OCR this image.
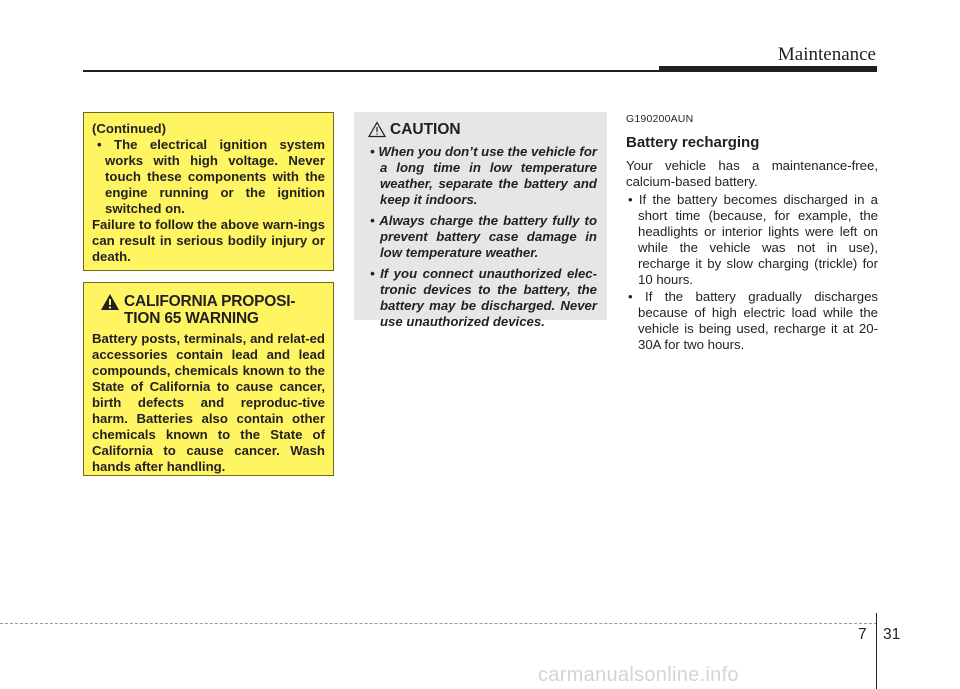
Maintenance
(Continued)
• The electrical ignition system works with high voltage. Never touch these components with the engine running or the ignition switched on.
Failure to follow the above warn-ings can result in serious bodily injury or death.
CALIFORNIA PROPOSI-
TION 65 WARNING
Battery posts, terminals, and relat-ed accessories contain lead and lead compounds, chemicals known to the State of California to cause cancer, birth defects and reproduc-tive harm. Batteries also contain other chemicals known to the State of California to cause cancer. Wash hands after handling.
CAUTION
• When you don’t use the vehicle for a long time in low temperature weather, separate the battery and keep it indoors.
• Always charge the battery fully to prevent battery case damage in low temperature weather.
• If you connect unauthorized elec-tronic devices to the battery, the battery may be discharged. Never use unauthorized devices.
G190200AUN
Battery recharging
Your vehicle has a maintenance-free, calcium-based battery.
• If the battery becomes discharged in a short time (because, for example, the headlights or interior lights were left on while the vehicle was not in use), recharge it by slow charging (trickle) for 10 hours.
• If the battery gradually discharges because of high electric load while the vehicle is being used, recharge it at 20-30A for two hours.
7 31
carmanualsonline.info
